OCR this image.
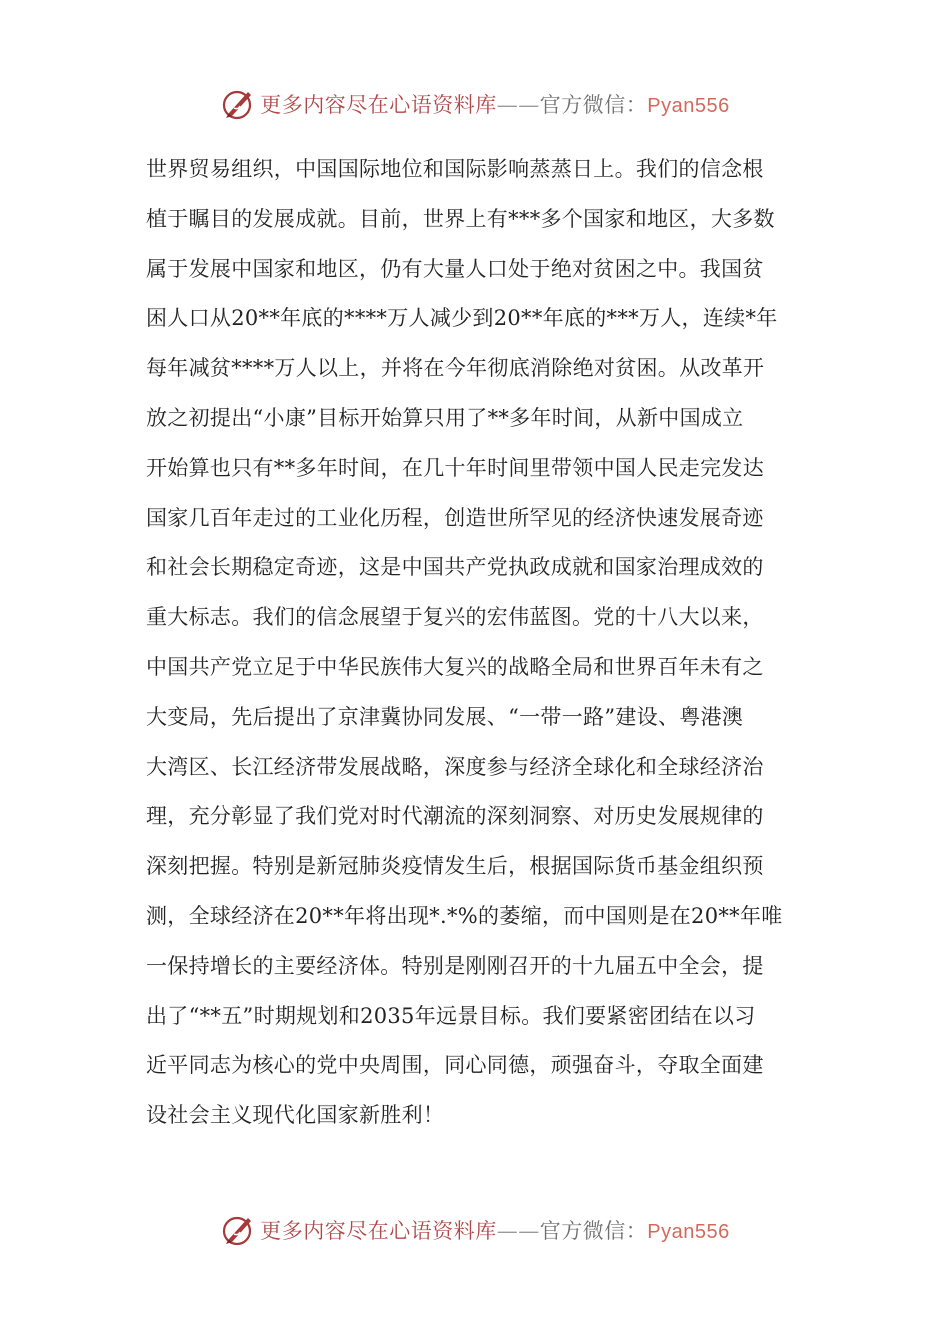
更多内容尽在心语资料库——官方微信：Pyan556
世界贸易组织，中国国际地位和国际影响蒸蒸日上。我们的信念根
植于瞩目的发展成就。目前，世界上有***多个国家和地区，大多数
属于发展中国家和地区，仍有大量人口处于绝对贫困之中。我国贫
困人口从20**年底的****万人减少到20**年底的***万人，连续*年
每年减贫****万人以上，并将在今年彻底消除绝对贫困。从改革开
放之初提出“小康”目标开始算只用了**多年时间，从新中国成立
开始算也只有**多年时间，在几十年时间里带领中国人民走完发达
国家几百年走过的工业化历程，创造世所罕见的经济快速发展奇迹
和社会长期稳定奇迹，这是中国共产党执政成就和国家治理成效的
重大标志。我们的信念展望于复兴的宏伟蓝图。党的十八大以来，
中国共产党立足于中华民族伟大复兴的战略全局和世界百年未有之
大变局，先后提出了京津冀协同发展、“一带一路”建设、粤港澳
大湾区、长江经济带发展战略，深度参与经济全球化和全球经济治
理，充分彰显了我们党对时代潮流的深刻洞察、对历史发展规律的
深刻把握。特别是新冠肺炎疫情发生后，根据国际货币基金组织预
测，全球经济在20**年将出现*.*%的萎缩，而中国则是在20**年唯
一保持增长的主要经济体。特别是刚刚召开的十九届五中全会，提
出了“**五”时期规划和2035年远景目标。我们要紧密团结在以习
近平同志为核心的党中央周围，同心同德，顽强奋斗，夺取全面建
设社会主义现代化国家新胜利！
更多内容尽在心语资料库——官方微信：Pyan556
